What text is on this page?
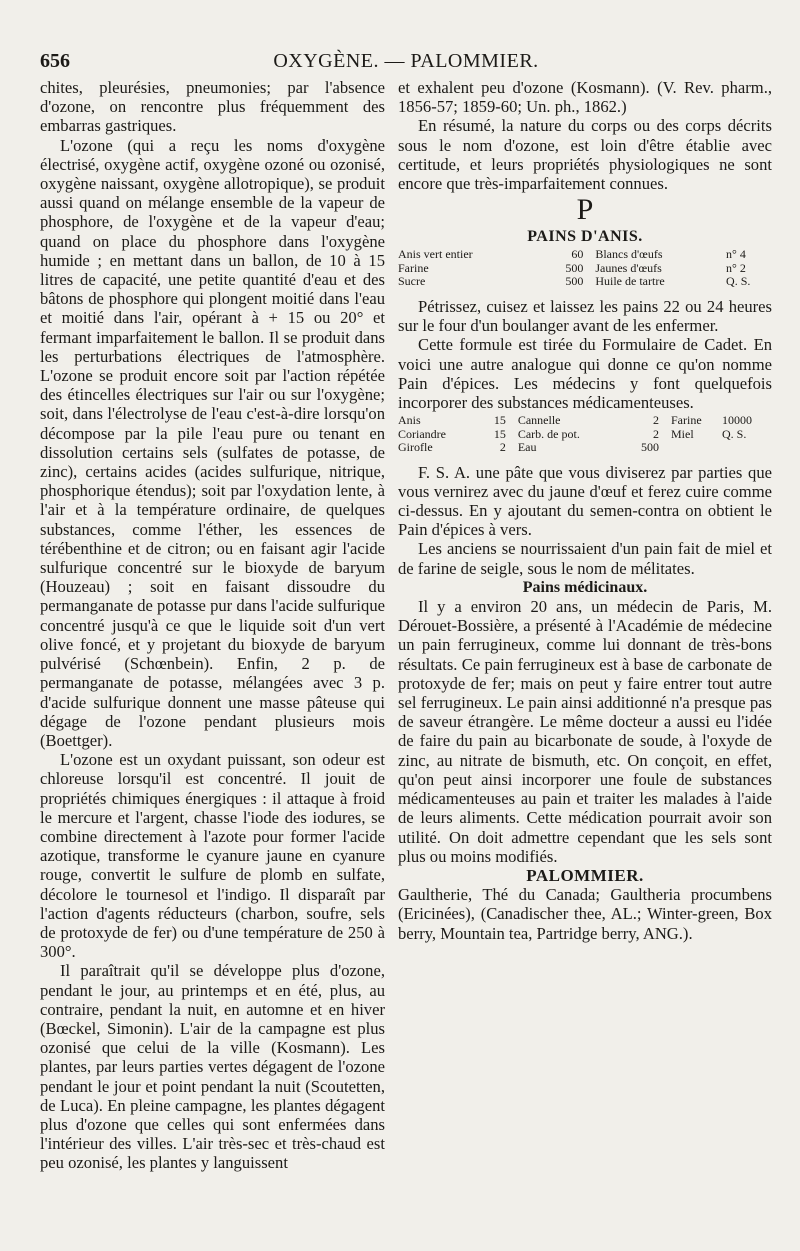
656	OXYGÈNE. — PALOMMIER.

chites, pleurésies, pneumonies; par l'absence d'ozone, on rencontre plus fréquemment des embarras gastriques.

L'ozone (qui a reçu les noms d'oxygène électrisé, oxygène actif, oxygène ozoné ou ozonisé, oxygène naissant, oxygène allotropique), se produit aussi quand on mélange ensemble de la vapeur de phosphore, de l'oxygène et de la vapeur d'eau; quand on place du phosphore dans l'oxygène humide ; en mettant dans un ballon, de 10 à 15 litres de capacité, une petite quantité d'eau et des bâtons de phosphore qui plongent moitié dans l'eau et moitié dans l'air, opérant à + 15 ou 20° et fermant imparfaitement le ballon. Il se produit dans les perturbations électriques de l'atmosphère. L'ozone se produit encore soit par l'action répétée des étincelles électriques sur l'air ou sur l'oxygène; soit, dans l'électrolyse de l'eau c'est-à-dire lorsqu'on décompose par la pile l'eau pure ou tenant en dissolution certains sels (sulfates de potasse, de zinc), certains acides (acides sulfurique, nitrique, phosphorique étendus); soit par l'oxydation lente, à l'air et à la température ordinaire, de quelques substances, comme l'éther, les essences de térébenthine et de citron; ou en faisant agir l'acide sulfurique concentré sur le bioxyde de baryum (Houzeau) ; soit en faisant dissoudre du permanganate de potasse pur dans l'acide sulfurique concentré jusqu'à ce que le liquide soit d'un vert olive foncé, et y projetant du bioxyde de baryum pulvérisé (Schœnbein). Enfin, 2 p. de permanganate de potasse, mélangées avec 3 p. d'acide sulfurique donnent une masse pâteuse qui dégage de l'ozone pendant plusieurs mois (Boettger).

L'ozone est un oxydant puissant, son odeur est chloreuse lorsqu'il est concentré. Il jouit de propriétés chimiques énergiques : il attaque à froid le mercure et l'argent, chasse l'iode des iodures, se combine directement à l'azote pour former l'acide azotique, transforme le cyanure jaune en cyanure rouge, convertit le sulfure de plomb en sulfate, décolore le tournesol et l'indigo. Il disparaît par l'action d'agents réducteurs (charbon, soufre, sels de protoxyde de fer) ou d'une température de 250 à 300°.

Il paraîtrait qu'il se développe plus d'ozone, pendant le jour, au printemps et en été, plus, au contraire, pendant la nuit, en automne et en hiver (Bœckel, Simonin). L'air de la campagne est plus ozonisé que celui de la ville (Kosmann). Les plantes, par leurs parties vertes dégagent de l'ozone pendant le jour et point pendant la nuit (Scoutetten, de Luca). En pleine campagne, les plantes dégagent plus d'ozone que celles qui sont enfermées dans l'intérieur des villes. L'air très-sec et très-chaud est peu ozonisé, les plantes y languissent

et exhalent peu d'ozone (Kosmann). (V. Rev. pharm., 1856-57; 1859-60; Un. ph., 1862.)

En résumé, la nature du corps ou des corps décrits sous le nom d'ozone, est loin d'être établie avec certitude, et leurs propriétés physiologiques ne sont encore que très-imparfaitement connues.

P

PAINS D'ANIS.

Anis vert entier	60	Blancs d'œufs	n° 4
Farine	500	Jaunes d'œufs	n° 2
Sucre	500	Huile de tartre	Q. S.

Pétrissez, cuisez et laissez les pains 22 ou 24 heures sur le four d'un boulanger avant de les enfermer.

Cette formule est tirée du Formulaire de Cadet. En voici une autre analogue qui donne ce qu'on nomme Pain d'épices. Les médecins y font quelquefois incorporer des substances médicamenteuses.

Anis	15	Cannelle	2	Farine	10000
Coriandre	15	Carb. de pot.	2	Miel	Q. S.
Girofle	2	Eau	500		

F. S. A. une pâte que vous diviserez par parties que vous vernirez avec du jaune d'œuf et ferez cuire comme ci-dessus. En y ajoutant du semen-contra on obtient le Pain d'épices à vers.

Les anciens se nourrissaient d'un pain fait de miel et de farine de seigle, sous le nom de mélitates.

Pains médicinaux.

Il y a environ 20 ans, un médecin de Paris, M. Dérouet-Bossière, a présenté à l'Académie de médecine un pain ferrugineux, comme lui donnant de très-bons résultats. Ce pain ferrugineux est à base de carbonate de protoxyde de fer; mais on peut y faire entrer tout autre sel ferrugineux. Le pain ainsi additionné n'a presque pas de saveur étrangère. Le même docteur a aussi eu l'idée de faire du pain au bicarbonate de soude, à l'oxyde de zinc, au nitrate de bismuth, etc. On conçoit, en effet, qu'on peut ainsi incorporer une foule de substances médicamenteuses au pain et traiter les malades à l'aide de leurs aliments. Cette médication pourrait avoir son utilité. On doit admettre cependant que les sels sont plus ou moins modifiés.

PALOMMIER.

Gaultherie, Thé du Canada; Gaultheria procumbens (Ericinées), (Canadischer thee, AL.; Winter-green, Box berry, Mountain tea, Partridge berry, ANG.).
